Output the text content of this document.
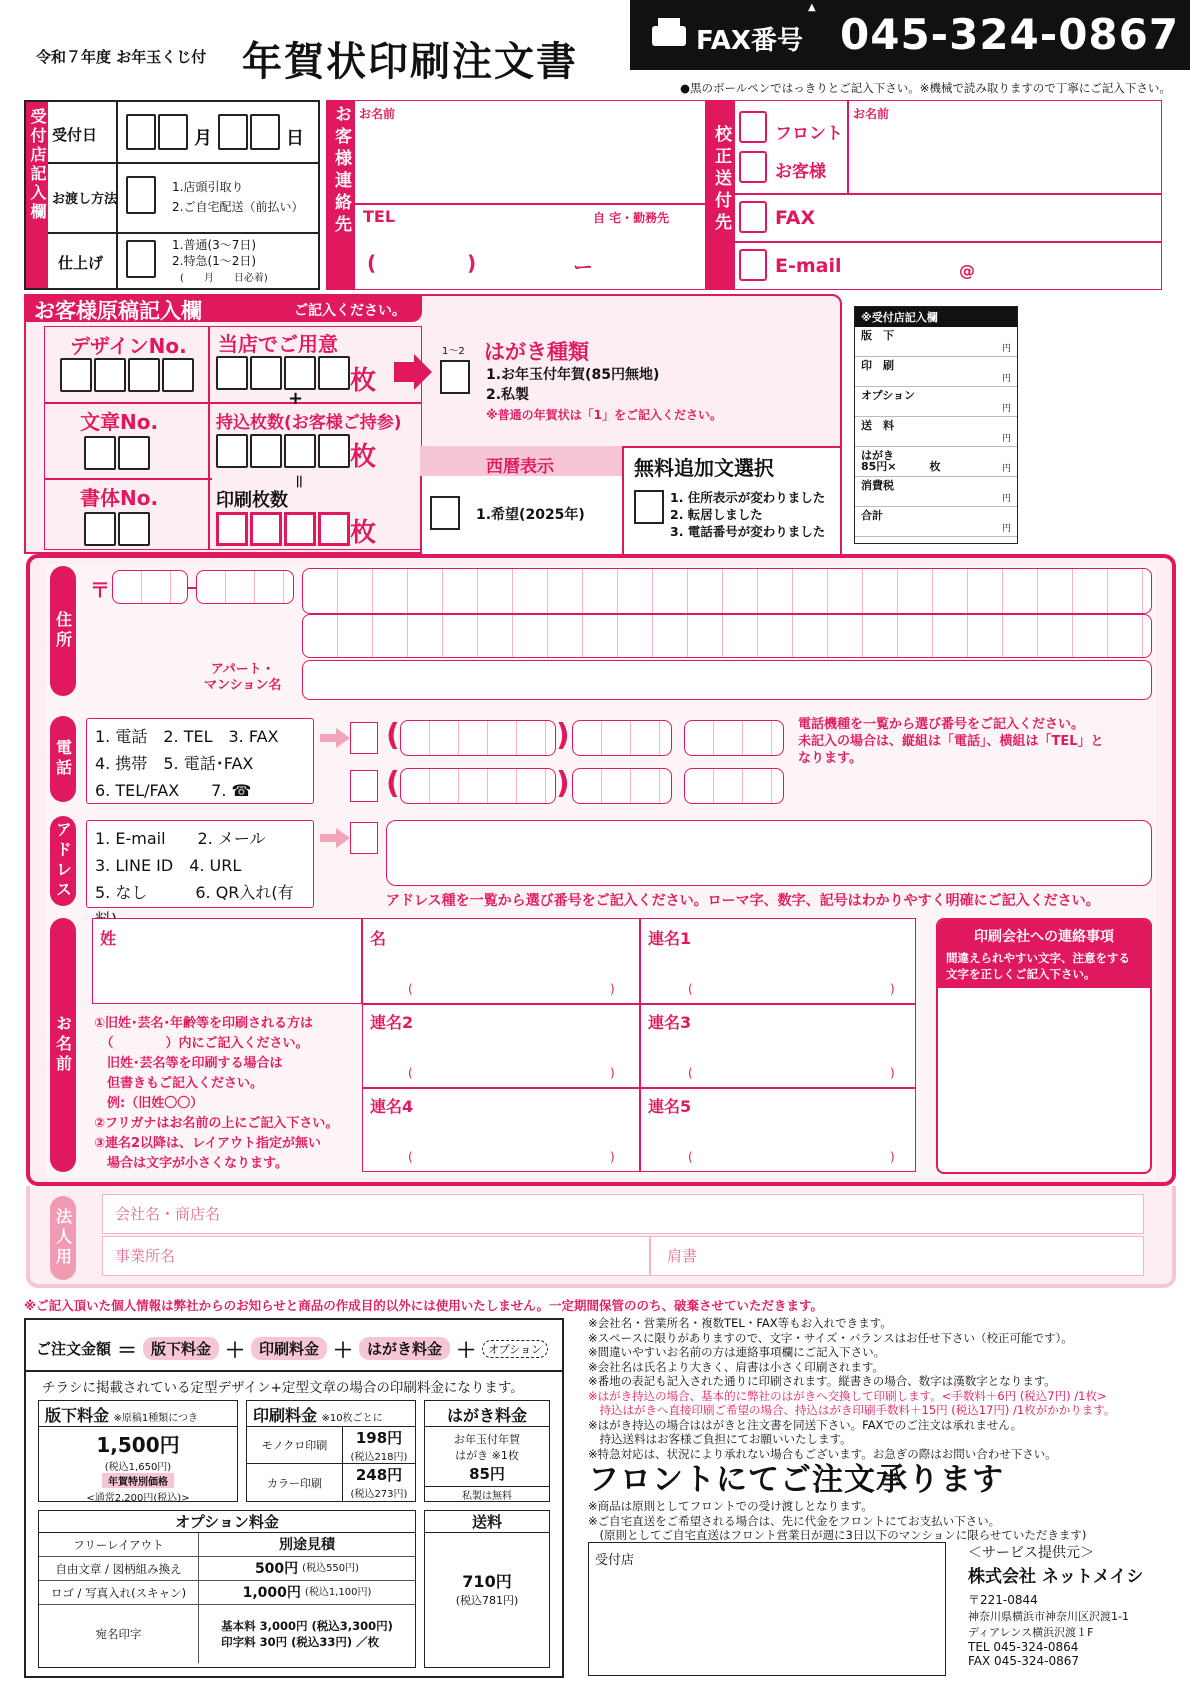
令和７年度 お年玉くじ付 年賀状印刷注文書
▲
FAX番号 045-324-0867
●黒のボールペンではっきりとご記入下さい。※機械で読み取りますので丁寧にご記入下さい。
受付店記入欄 受付日	月	日
お渡し方法
1.店頭引取り
2.ご自宅配送（前払い）
仕上げ
1.普通(3〜7日)
2.特急(1〜2日)
(　　月　　日必着)
お客様連絡先 お名前
TEL	自 宅・勤務先
(	)	ー
校正送付先	フロント
お客様
お名前
FAX
E-mail	@
お客様原稿記入欄	ご記入ください。
デザインNo.
文章No.
書体No.
当店でご用意
枚
+
持込枚数(お客様ご持参)
枚
＝
印刷枚数
枚
1〜2 はがき種類
1.お年玉付年賀(85円無地)
2.私製
※普通の年賀状は「1」をご記入ください。
西暦表示
1.希望(2025年)
無料追加文選択
1. 住所表示が変わりました
2. 転居しました
3. 電話番号が変わりました
※受付店記入欄
版　下
円
印　刷
円
オプション
円
送　料
円
はがき
85円×　　　枚	円
消費税
円
合計
円
住所
〒
アパート・
マンション名
電話
1. 電話　2. TEL　3. FAX
4. 携帯　5. 電話･FAX
6. TEL/FAX　　7. ☎
(	)
(	)
電話機種を一覧から選び番号をご記入ください。
未記入の場合は、縦組は「電話」、横組は「TEL」と
なります。
アドレス 1. E-mail　　2. メール
3. LINE ID　4. URL
5. なし　　　6. QR入れ(有	アドレス種を一覧から選び番号をご記入ください。ローマ字、数字、記号はわかりやすく明確にご記入ください。
お名前
姓	名	連名1
連名2	連名3
連名4	連名5
(	)	(	)
(	)	(	)
(	)	(	)
①旧姓･芸名･年齢等を印刷される方は
　（　　　　）内にご記入ください。
　旧姓･芸名等を印刷する場合は
　但書きもご記入ください。
　例:（旧姓〇〇）
②フリガナはお名前の上にご記入下さい。
③連名2以降は、レイアウト指定が無い
　場合は文字が小さくなります。
印刷会社への連絡事項
間違えられやすい文字、注意をする
文字を正しくご記入下さい。
法人用	会社名・商店名
事業所名	肩書
※ご記入頂いた個人情報は弊社からのお知らせと商品の作成目的以外には使用いたしません。一定期間保管ののち、破棄させていただきます。
ご注文金額 ＝ 版下料金 ＋ 印刷料金 ＋ はがき料金 ＋	オプション
チラシに掲載されている定型デザイン+定型文章の場合の印刷料金になります。
版下料金 ※原稿1種類につき
1,500円
(税込1,650円)
年賀特別価格
<通常2,200円(税込)>
印刷料金 ※10枚ごとに
モノクロ印刷	198円
(税込218円)
カラー印刷	248円
(税込273円)
はがき料金
お年玉付年賀
はがき ※1枚
85円
私製は無料
オプション料金
フリーレイアウト	別途見積
自由文章 / 図柄組み換え	500円 (税込550円)
ロゴ / 写真入れ(スキャン)	1,000円 (税込1,100円)
宛名印字
基本料 3,000円 (税込3,300円)
印字料 30円 (税込33円) ／枚
送料
710円
(税込781円)
※会社名・営業所名・複数TEL・FAX等もお入れできます。
※スペースに限りがありますので、文字・サイズ・バランスはお任せ下さい（校正可能です）。
※間違いやすいお名前の方は連絡事項欄にご記入下さい。
※会社名は氏名より大きく、肩書は小さく印刷されます。
※番地の表記も記入された通りに印刷されます。縦書きの場合、数字は漢数字となります。
※はがき持込の場合、基本的に弊社のはがきへ交換して印刷します。<手数料＋6円 (税込7円) /1枚>
　持込はがきへ直接印刷ご希望の場合、持込はがき印刷手数料＋15円 (税込17円) /1枚がかかります。
※はがき持込の場合ははがきと注文書を同送下さい。FAXでのご注文は承れません。
　持込送料はお客様ご負担にてお願いいたします。
※特急対応は、状況により承れない場合もございます。お急ぎの際はお問い合わせ下さい。
フロントにてご注文承ります
※商品は原則としてフロントでの受け渡しとなります。
※ご自宅直送をご希望される場合は、先に代金をフロントにてお支払い下さい。
　(原則としてご自宅直送はフロント営業日が週に3日以下のマンションに限らせていただきます)
受付店	＜サービス提供元＞
株式会社 ネットメイシ
〒221-0844
神奈川県横浜市神奈川区沢渡1-1
ディアレンス横浜沢渡１F
TEL 045-324-0864
FAX 045-324-0867
